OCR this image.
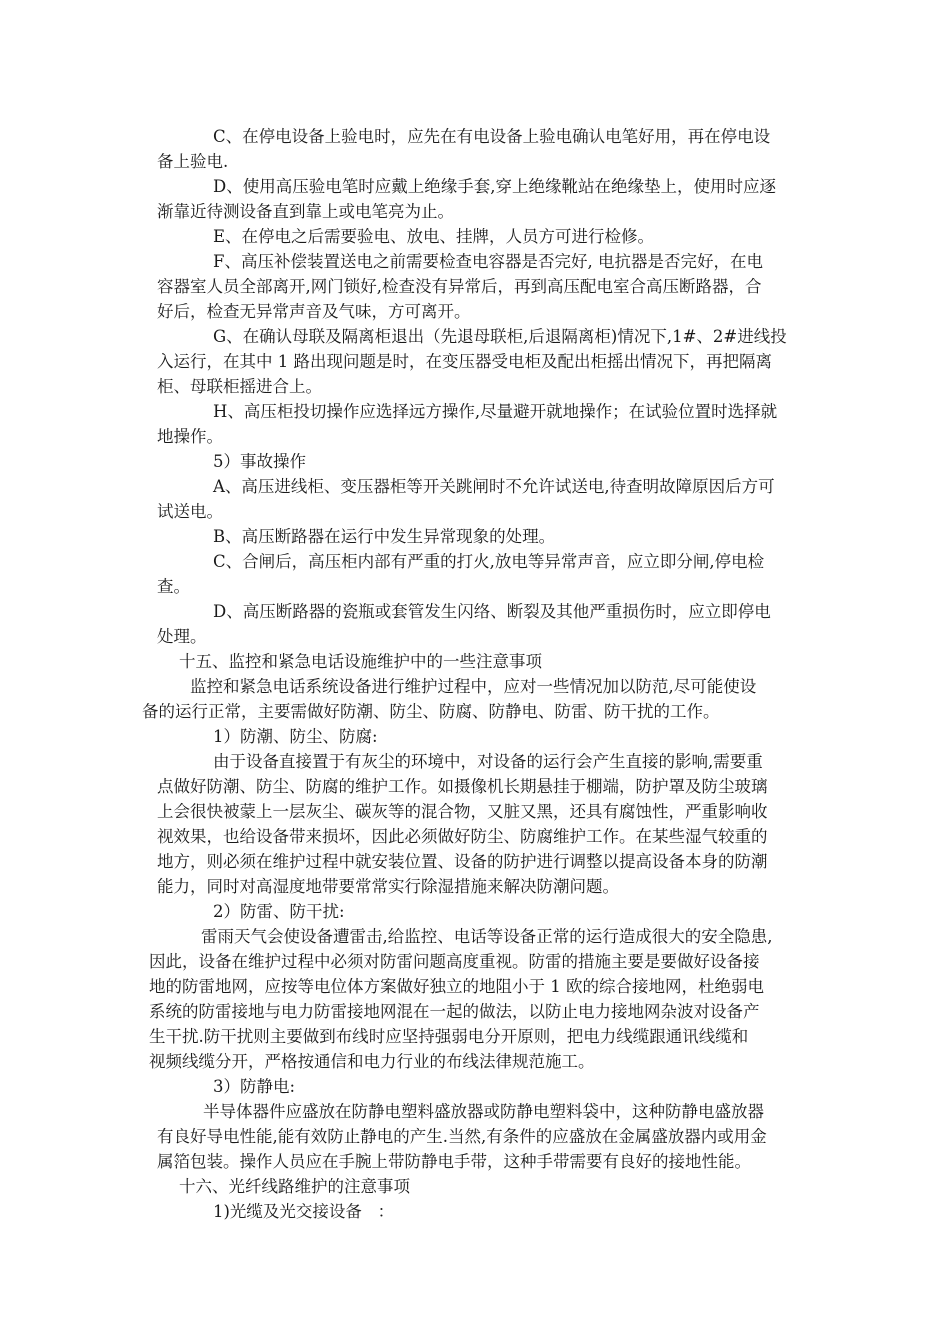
C、在停电设备上验电时，应先在有电设备上验电确认电笔好用，再在停电设
备上验电.
D、使用高压验电笔时应戴上绝缘手套,穿上绝缘靴站在绝缘垫上，使用时应逐
渐靠近待测设备直到靠上或电笔亮为止。
E、在停电之后需要验电、放电、挂牌，人员方可进行检修。
F、高压补偿装置送电之前需要检查电容器是否完好, 电抗器是否完好，在电
容器室人员全部离开,网门锁好,检查没有异常后，再到高压配电室合高压断路器，合
好后，检查无异常声音及气味，方可离开。
G、在确认母联及隔离柜退出（先退母联柜,后退隔离柜)情况下,1#、2#进线投
入运行，在其中 1 路出现问题是时，在变压器受电柜及配出柜摇出情况下，再把隔离
柜、母联柜摇进合上。
H、高压柜投切操作应选择远方操作,尽量避开就地操作；在试验位置时选择就
地操作。
5）事故操作
A、高压进线柜、变压器柜等开关跳闸时不允许试送电,待查明故障原因后方可
试送电。
B、高压断路器在运行中发生异常现象的处理。
C、合闸后，高压柜内部有严重的打火,放电等异常声音，应立即分闸,停电检
查。
D、高压断路器的瓷瓶或套管发生闪络、断裂及其他严重损伤时，应立即停电
处理。
十五、监控和紧急电话设施维护中的一些注意事项
监控和紧急电话系统设备进行维护过程中，应对一些情况加以防范,尽可能使设
备的运行正常，主要需做好防潮、防尘、防腐、防静电、防雷、防干扰的工作。
1）防潮、防尘、防腐:
由于设备直接置于有灰尘的环境中，对设备的运行会产生直接的影响,需要重
点做好防潮、防尘、防腐的维护工作。如摄像机长期悬挂于棚端，防护罩及防尘玻璃
上会很快被蒙上一层灰尘、碳灰等的混合物，又脏又黑，还具有腐蚀性，严重影响收
视效果，也给设备带来损坏，因此必须做好防尘、防腐维护工作。在某些湿气较重的
地方，则必须在维护过程中就安装位置、设备的防护进行调整以提高设备本身的防潮
能力，同时对高湿度地带要常常实行除湿措施来解决防潮问题。
2）防雷、防干扰:
雷雨天气会使设备遭雷击,给监控、电话等设备正常的运行造成很大的安全隐患,
因此，设备在维护过程中必须对防雷问题高度重视。防雷的措施主要是要做好设备接
地的防雷地网，应按等电位体方案做好独立的地阻小于 1 欧的综合接地网，杜绝弱电
系统的防雷接地与电力防雷接地网混在一起的做法，以防止电力接地网杂波对设备产
生干扰.防干扰则主要做到布线时应坚持强弱电分开原则，把电力线缆跟通讯线缆和
视频线缆分开，严格按通信和电力行业的布线法律规范施工。
3）防静电:
半导体器件应盛放在防静电塑料盛放器或防静电塑料袋中，这种防静电盛放器
有良好导电性能,能有效防止静电的产生.当然,有条件的应盛放在金属盛放器内或用金
属箔包装。操作人员应在手腕上带防静电手带，这种手带需要有良好的接地性能。
十六、光纤线路维护的注意事项
1)光缆及光交接设备   ：
